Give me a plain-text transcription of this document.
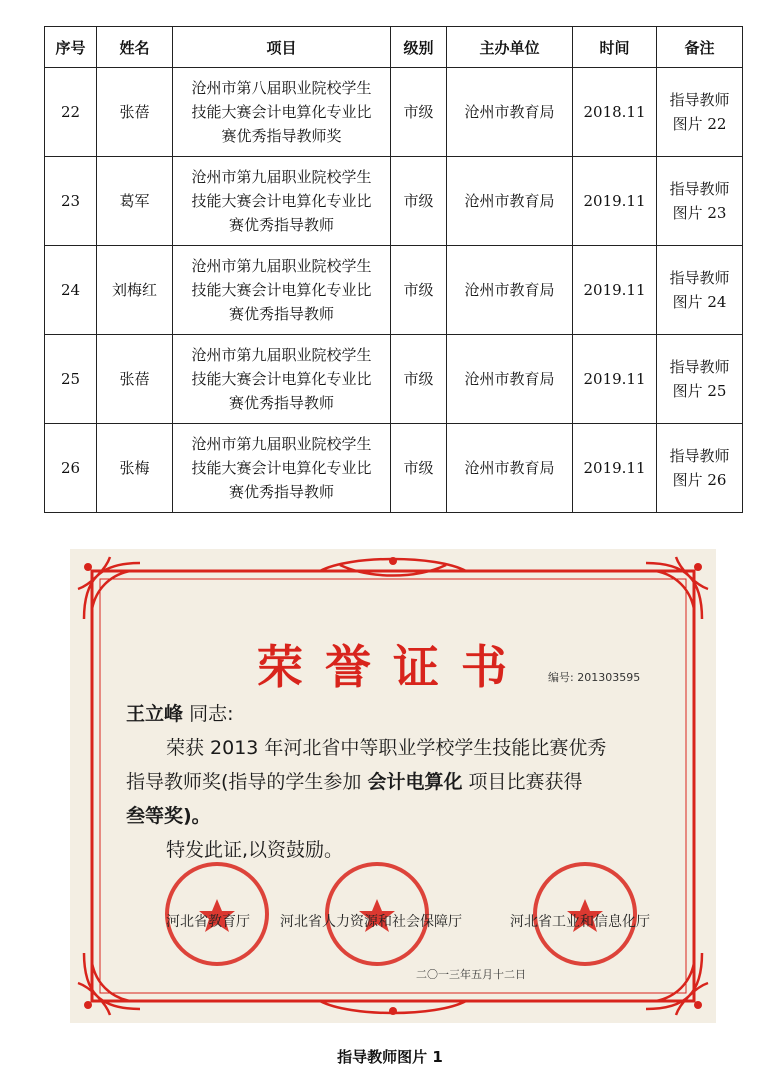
序号	姓名	项目	级别	主办单位	时间	备注
22	张蓓	沧州市第八届职业院校学生
技能大赛会计电算化专业比
赛优秀指导教师奖	市级	沧州市教育局	2018.11	指导教师
图片 22
23	葛军	沧州市第九届职业院校学生
技能大赛会计电算化专业比
赛优秀指导教师	市级	沧州市教育局	2019.11	指导教师
图片 23
24	刘梅红	沧州市第九届职业院校学生
技能大赛会计电算化专业比
赛优秀指导教师	市级	沧州市教育局	2019.11	指导教师
图片 24
25	张蓓	沧州市第九届职业院校学生
技能大赛会计电算化专业比
赛优秀指导教师	市级	沧州市教育局	2019.11	指导教师
图片 25
26	张梅	沧州市第九届职业院校学生
技能大赛会计电算化专业比
赛优秀指导教师	市级	沧州市教育局	2019.11	指导教师
图片 26
荣誉证书	编号: 201303595
王立峰 同志:
荣获 2013 年河北省中等职业学校学生技能比赛优秀
指导教师奖(指导的学生参加 会计电算化 项目比赛获得
叁等奖)。
特发此证,以资鼓励。
河北省教育厅 河北省人力资源和社会保障厅	河北省工业和信息化厅
二〇一三年五月十二日
指导教师图片 1
